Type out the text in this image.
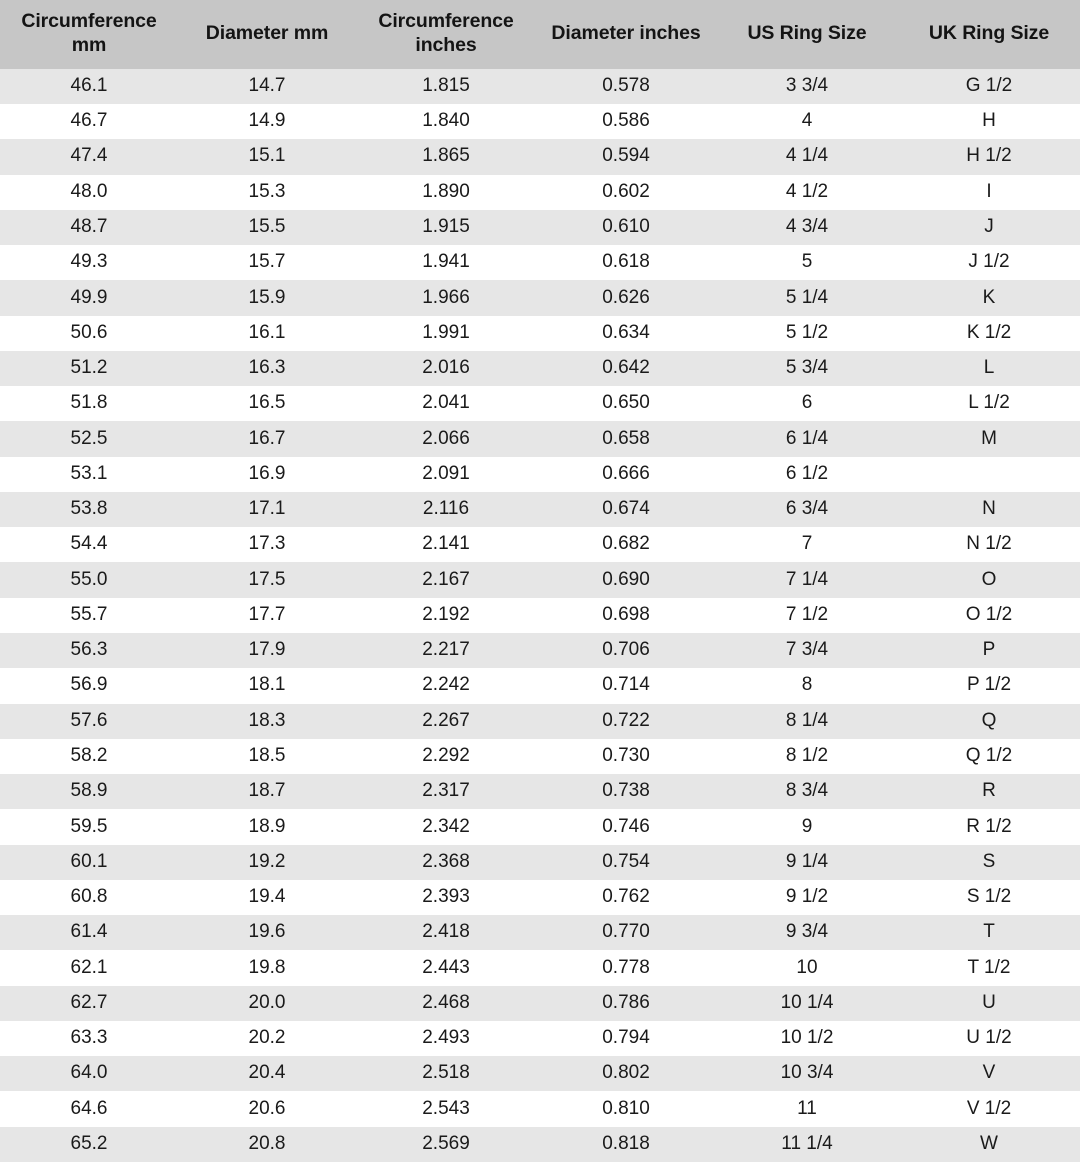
Circumference mm	Diameter mm	Circumference inches	Diameter inches	US Ring Size	UK Ring Size
46.1	14.7	1.815	0.578	3 3/4	G 1/2
46.7	14.9	1.840	0.586	4	H
47.4	15.1	1.865	0.594	4 1/4	H 1/2
48.0	15.3	1.890	0.602	4 1/2	I
48.7	15.5	1.915	0.610	4 3/4	J
49.3	15.7	1.941	0.618	5	J 1/2
49.9	15.9	1.966	0.626	5 1/4	K
50.6	16.1	1.991	0.634	5 1/2	K 1/2
51.2	16.3	2.016	0.642	5 3/4	L
51.8	16.5	2.041	0.650	6	L 1/2
52.5	16.7	2.066	0.658	6 1/4	M
53.1	16.9	2.091	0.666	6 1/2	
53.8	17.1	2.116	0.674	6 3/4	N
54.4	17.3	2.141	0.682	7	N 1/2
55.0	17.5	2.167	0.690	7 1/4	O
55.7	17.7	2.192	0.698	7 1/2	O 1/2
56.3	17.9	2.217	0.706	7 3/4	P
56.9	18.1	2.242	0.714	8	P 1/2
57.6	18.3	2.267	0.722	8 1/4	Q
58.2	18.5	2.292	0.730	8 1/2	Q 1/2
58.9	18.7	2.317	0.738	8 3/4	R
59.5	18.9	2.342	0.746	9	R 1/2
60.1	19.2	2.368	0.754	9 1/4	S
60.8	19.4	2.393	0.762	9 1/2	S 1/2
61.4	19.6	2.418	0.770	9 3/4	T
62.1	19.8	2.443	0.778	10	T 1/2
62.7	20.0	2.468	0.786	10 1/4	U
63.3	20.2	2.493	0.794	10 1/2	U 1/2
64.0	20.4	2.518	0.802	10 3/4	V
64.6	20.6	2.543	0.810	11	V 1/2
65.2	20.8	2.569	0.818	11 1/4	W
